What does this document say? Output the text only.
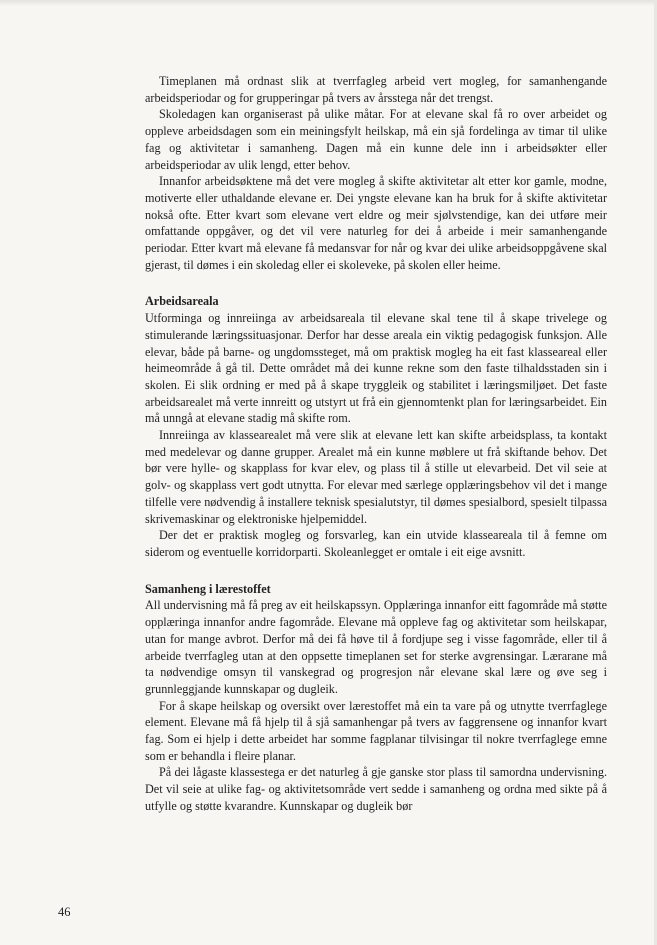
Timeplanen må ordnast slik at tverrfagleg arbeid vert mogleg, for samanhengande arbeidsperiodar og for grupperingar på tvers av årsstega når det trengst.

Skoledagen kan organiserast på ulike måtar. For at elevane skal få ro over arbeidet og oppleve arbeidsdagen som ein meiningsfylt heilskap, må ein sjå fordelinga av timar til ulike fag og aktivitetar i samanheng. Dagen må ein kunne dele inn i arbeidsøkter eller arbeidsperiodar av ulik lengd, etter behov.

Innanfor arbeidsøktene må det vere mogleg å skifte aktivitetar alt etter kor gamle, modne, motiverte eller uthaldande elevane er. Dei yngste elevane kan ha bruk for å skifte aktivitetar nokså ofte. Etter kvart som elevane vert eldre og meir sjølvstendige, kan dei utføre meir omfattande oppgåver, og det vil vere naturleg for dei å arbeide i meir samanhengande periodar. Etter kvart må elevane få medansvar for når og kvar dei ulike arbeidsoppgåvene skal gjerast, til dømes i ein skoledag eller ei skoleveke, på skolen eller heime.

Arbeidsareala

Utforminga og innreiinga av arbeidsareala til elevane skal tene til å skape trivelege og stimulerande læringssituasjonar. Derfor har desse areala ein viktig pedagogisk funksjon. Alle elevar, både på barne- og ungdomssteget, må om praktisk mogleg ha eit fast klasseareal eller heimeområde å gå til. Dette området må dei kunne rekne som den faste tilhaldsstaden sin i skolen. Ei slik ordning er med på å skape tryggleik og stabilitet i læringsmiljøet. Det faste arbeidsarealet må verte innreitt og utstyrt ut frå ein gjennomtenkt plan for læringsarbeidet. Ein må unngå at elevane stadig må skifte rom.

Innreiinga av klassearealet må vere slik at elevane lett kan skifte arbeidsplass, ta kontakt med medelevar og danne grupper. Arealet må ein kunne møblere ut frå skiftande behov. Det bør vere hylle- og skapplass for kvar elev, og plass til å stille ut elevarbeid. Det vil seie at golv- og skapplass vert godt utnytta. For elevar med særlege opplæringsbehov vil det i mange tilfelle vere nødvendig å installere teknisk spesialutstyr, til dømes spesialbord, spesielt tilpassa skrivemaskinar og elektroniske hjelpemiddel.

Der det er praktisk mogleg og forsvarleg, kan ein utvide klasseareala til å femne om siderom og eventuelle korridorparti. Skoleanlegget er omtale i eit eige avsnitt.

Samanheng i lærestoffet

All undervisning må få preg av eit heilskapssyn. Opplæringa innanfor eitt fagområde må støtte opplæringa innanfor andre fagområde. Elevane må oppleve fag og aktivitetar som heilskapar, utan for mange avbrot. Derfor må dei få høve til å fordjupe seg i visse fagområde, eller til å arbeide tverrfagleg utan at den oppsette timeplanen set for sterke avgrensingar. Lærarane må ta nødvendige omsyn til vanskegrad og progresjon når elevane skal lære og øve seg i grunnleggjande kunnskapar og dugleik.

For å skape heilskap og oversikt over lærestoffet må ein ta vare på og utnytte tverrfaglege element. Elevane må få hjelp til å sjå samanhengar på tvers av faggrensene og innanfor kvart fag. Som ei hjelp i dette arbeidet har somme fagplanar tilvisingar til nokre tverrfaglege emne som er behandla i fleire planar.

På dei lågaste klassestega er det naturleg å gje ganske stor plass til samordna undervisning. Det vil seie at ulike fag- og aktivitetsområde vert sedde i samanheng og ordna med sikte på å utfylle og støtte kvarandre. Kunnskapar og dugleik bør

46
